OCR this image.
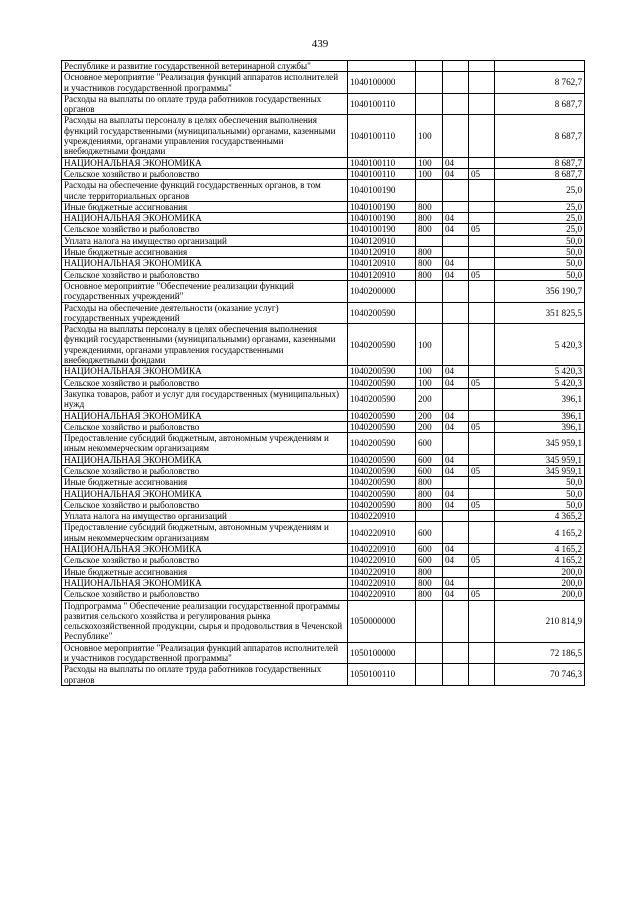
439
Республике и развитие государственной ветеринарной службы"					
Основное мероприятие "Реализация функций аппаратов исполнителей и участников государственной программы"	1040100000				8 762,7
Расходы на выплаты по оплате труда работников государственных органов	1040100110				8 687,7
Расходы на выплаты персоналу в целях обеспечения выполнения функций государственными (муниципальными) органами, казенными учреждениями, органами управления государственными внебюджетными фондами	1040100110	100			8 687,7
НАЦИОНАЛЬНАЯ ЭКОНОМИКА	1040100110	100	04		8 687,7
Сельское хозяйство и рыболовство	1040100110	100	04	05	8 687,7
Расходы на обеспечение функций государственных органов, в том числе территориальных органов	1040100190				25,0
Иные бюджетные ассигнования	1040100190	800			25,0
НАЦИОНАЛЬНАЯ ЭКОНОМИКА	1040100190	800	04		25,0
Сельское хозяйство и рыболовство	1040100190	800	04	05	25,0
Уплата налога на имущество организаций	1040120910				50,0
Иные бюджетные ассигнования	1040120910	800			50,0
НАЦИОНАЛЬНАЯ ЭКОНОМИКА	1040120910	800	04		50,0
Сельское хозяйство и рыболовство	1040120910	800	04	05	50,0
Основное мероприятие "Обеспечение реализации функций государственных учреждений"	1040200000				356 190,7
Расходы на обеспечение деятельности (оказание услуг) государственных учреждений	1040200590				351 825,5
Расходы на выплаты персоналу в целях обеспечения выполнения функций государственными (муниципальными) органами, казенными учреждениями, органами управления государственными внебюджетными фондами	1040200590	100			5 420,3
НАЦИОНАЛЬНАЯ ЭКОНОМИКА	1040200590	100	04		5 420,3
Сельское хозяйство и рыболовство	1040200590	100	04	05	5 420,3
Закупка товаров, работ и услуг для государственных (муниципальных) нужд	1040200590	200			396,1
НАЦИОНАЛЬНАЯ ЭКОНОМИКА	1040200590	200	04		396,1
Сельское хозяйство и рыболовство	1040200590	200	04	05	396,1
Предоставление субсидий бюджетным, автономным учреждениям и иным некоммерческим организациям	1040200590	600			345 959,1
НАЦИОНАЛЬНАЯ ЭКОНОМИКА	1040200590	600	04		345 959,1
Сельское хозяйство и рыболовство	1040200590	600	04	05	345 959,1
Иные бюджетные ассигнования	1040200590	800			50,0
НАЦИОНАЛЬНАЯ ЭКОНОМИКА	1040200590	800	04		50,0
Сельское хозяйство и рыболовство	1040200590	800	04	05	50,0
Уплата налога на имущество организаций	1040220910				4 365,2
Предоставление субсидий бюджетным, автономным учреждениям и иным некоммерческим организациям	1040220910	600			4 165,2
НАЦИОНАЛЬНАЯ ЭКОНОМИКА	1040220910	600	04		4 165,2
Сельское хозяйство и рыболовство	1040220910	600	04	05	4 165,2
Иные бюджетные ассигнования	1040220910	800			200,0
НАЦИОНАЛЬНАЯ ЭКОНОМИКА	1040220910	800	04		200,0
Сельское хозяйство и рыболовство	1040220910	800	04	05	200,0
Подпрограмма " Обеспечение реализации государственной программы развития сельского хозяйства и регулирования рынка сельскохозяйственной продукции, сырья и продовольствия в Чеченской Республике"	1050000000				210 814,9
Основное мероприятие "Реализация функций аппаратов исполнителей и участников государственной программы"	1050100000				72 186,5
Расходы на выплаты по оплате труда работников государственных органов	1050100110				70 746,3
